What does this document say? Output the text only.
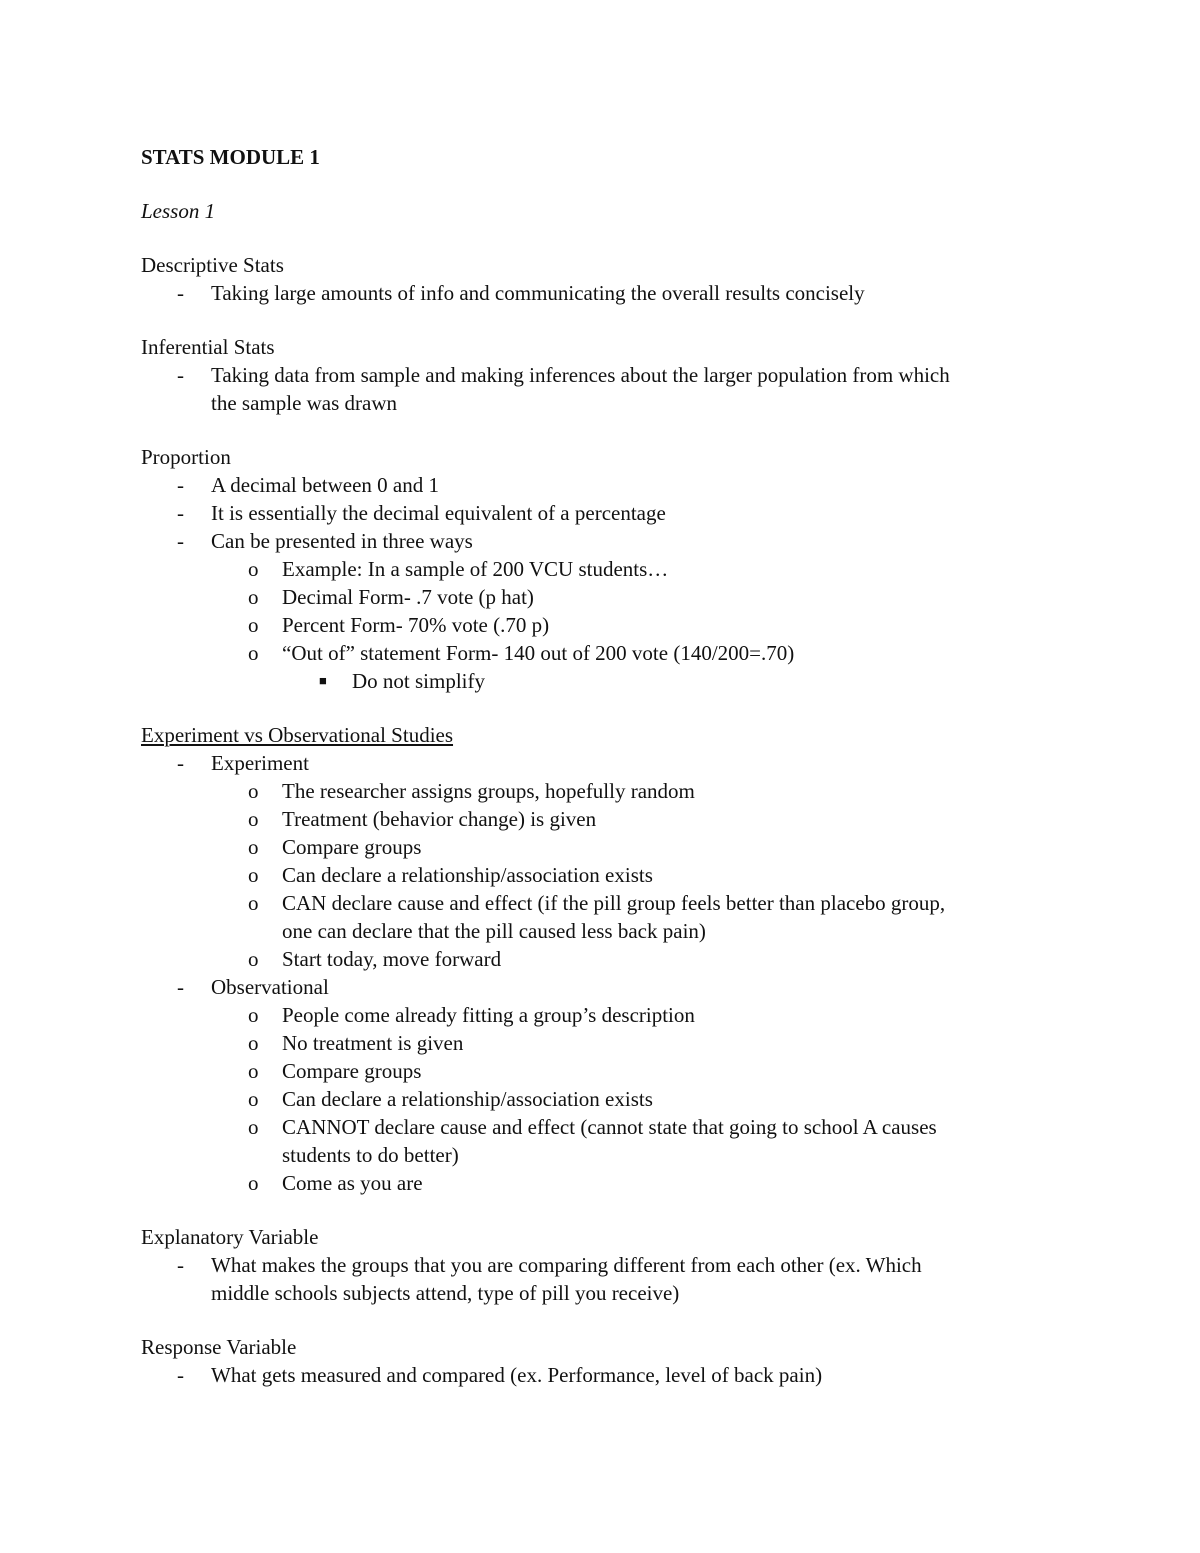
STATS MODULE 1
Lesson 1
Descriptive Stats
- Taking large amounts of info and communicating the overall results concisely
Inferential Stats
- Taking data from sample and making inferences about the larger population from which
the sample was drawn
Proportion
- A decimal between 0 and 1
- It is essentially the decimal equivalent of a percentage
- Can be presented in three ways
o Example: In a sample of 200 VCU students…
o Decimal Form- .7 vote (p hat)
o Percent Form- 70% vote (.70 p)
o “Out of” statement Form- 140 out of 200 vote (140/200=.70)
■ Do not simplify
Experiment vs Observational Studies
- Experiment
o The researcher assigns groups, hopefully random
o Treatment (behavior change) is given
o Compare groups
o Can declare a relationship/association exists
o CAN declare cause and effect (if the pill group feels better than placebo group,
one can declare that the pill caused less back pain)
o Start today, move forward
- Observational
o People come already fitting a group’s description
o No treatment is given
o Compare groups
o Can declare a relationship/association exists
o CANNOT declare cause and effect (cannot state that going to school A causes
students to do better)
o Come as you are
Explanatory Variable
- What makes the groups that you are comparing different from each other (ex. Which
middle schools subjects attend, type of pill you receive)
Response Variable
- What gets measured and compared (ex. Performance, level of back pain)
